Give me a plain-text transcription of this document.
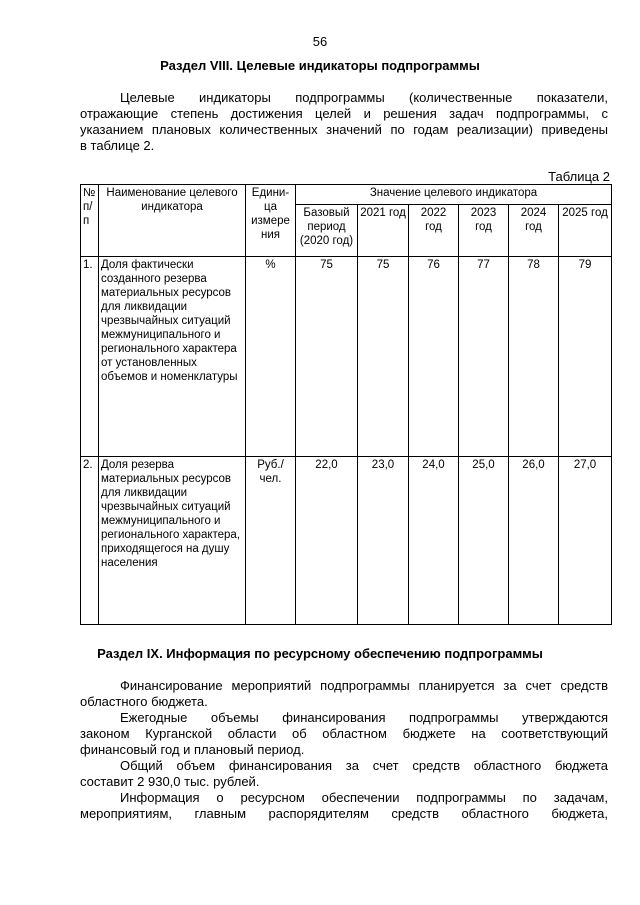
56
Раздел VIII. Целевые индикаторы подпрограммы
Целевые индикаторы подпрограммы (количественные показатели,
отражающие степень достижения целей и решения задач подпрограммы, с
указанием плановых количественных значений по годам реализации) приведены
в таблице 2.
Таблица 2
№ п/ п	Наименование целевого индикатора	Едини- ца измере ния	Значение целевого индикатора					
			Базовый период (2020 год)	2021 год	2022 год	2023 год	2024 год	2025 год
1.	Доля фактически созданного резерва материальных ресурсов для ликвидации чрезвычайных ситуаций межмуниципального и регионального характера от установленных объемов и номенклатуры	%	75	75	76	77	78	79
2.	Доля резерва материальных ресурсов для ликвидации чрезвычайных ситуаций межмуниципального и регионального характера, приходящегося на душу населения	Руб./ чел.	22,0	23,0	24,0	25,0	26,0	27,0
Раздел IX. Информация по ресурсному обеспечению подпрограммы
Финансирование мероприятий подпрограммы планируется за счет средств
областного бюджета.
Ежегодные объемы финансирования подпрограммы утверждаются
законом Курганской области об областном бюджете на соответствующий
финансовый год и плановый период.
Общий объем финансирования за счет средств областного бюджета
составит 2 930,0 тыс. рублей.
Информация о ресурсном обеспечении подпрограммы по задачам,
мероприятиям, главным распорядителям средств областного бюджета,
